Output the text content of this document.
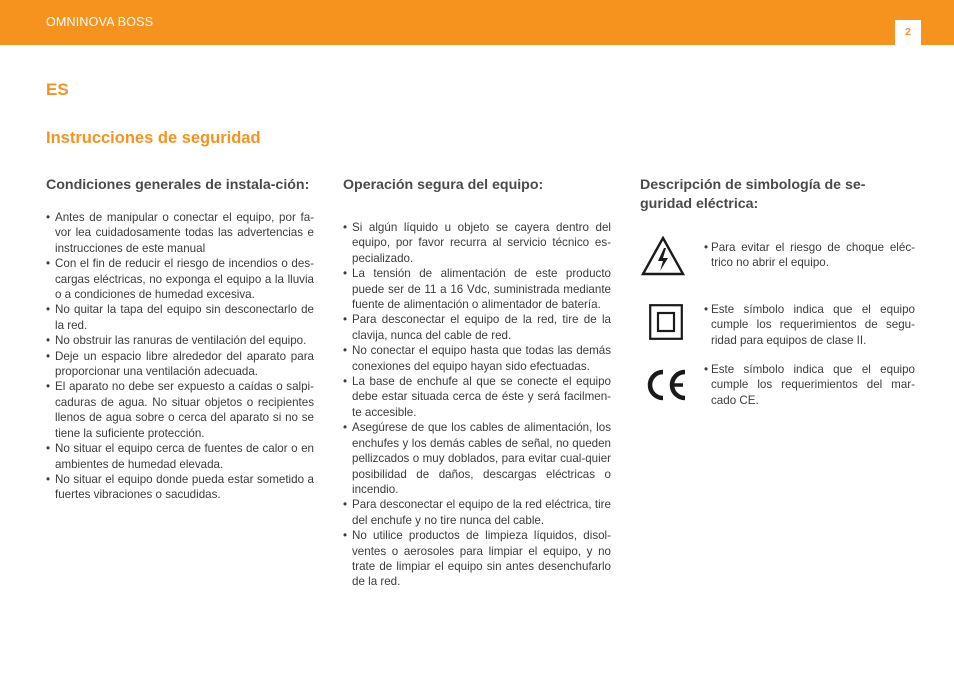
OMNINOVA BOSS
2
ES
Instrucciones de seguridad
Condiciones generales de instala-ción:
• Antes de manipular o conectar el equipo, por fa-vor lea cuidadosamente todas las advertencias e instrucciones de este manual
• Con el fin de reducir el riesgo de incendios o des-cargas eléctricas, no exponga el equipo a la lluvia o a condiciones de humedad excesiva.
• No quitar la tapa del equipo sin desconectarlo de la red.
• No obstruir las ranuras de ventilación del equipo.
• Deje un espacio libre alrededor del aparato para proporcionar una ventilación adecuada.
• El aparato no debe ser expuesto a caídas o salpi-caduras de agua. No situar objetos o recipientes llenos de agua sobre o cerca del aparato si no se tiene la suficiente protección.
• No situar el equipo cerca de fuentes de calor o en ambientes de humedad elevada.
• No situar el equipo donde pueda estar sometido a fuertes vibraciones o sacudidas.
Operación segura del equipo:
• Si algún líquido u objeto se cayera dentro del equipo, por favor recurra al servicio técnico es-pecializado.
• La tensión de alimentación de este producto puede ser de 11 a 16 Vdc, suministrada mediante fuente de alimentación o alimentador de batería.
• Para desconectar el equipo de la red, tire de la clavija, nunca del cable de red.
• No conectar el equipo hasta que todas las demás conexiones del equipo hayan sido efectuadas.
• La base de enchufe al que se conecte el equipo debe estar situada cerca de éste y será facilmen-te accesible.
• Asegúrese de que los cables de alimentación, los enchufes y los demás cables de señal, no queden pellizcados o muy doblados, para evitar cual-quier posibilidad de daños, descargas eléctricas o incendio.
• Para desconectar el equipo de la red eléctrica, tire del enchufe y no tire nunca del cable.
• No utilice productos de limpieza líquidos, disol-ventes o aerosoles para limpiar el equipo, y no trate de limpiar el equipo sin antes desenchufarlo de la red.
Descripción de simbología de se-guridad eléctrica:
• Para evitar el riesgo de choque eléc-trico no abrir el equipo.
• Este símbolo indica que el equipo cumple los requerimientos de segu-ridad para equipos de clase II.
• Este símbolo indica que el equipo cumple los requerimientos del mar-cado CE.
